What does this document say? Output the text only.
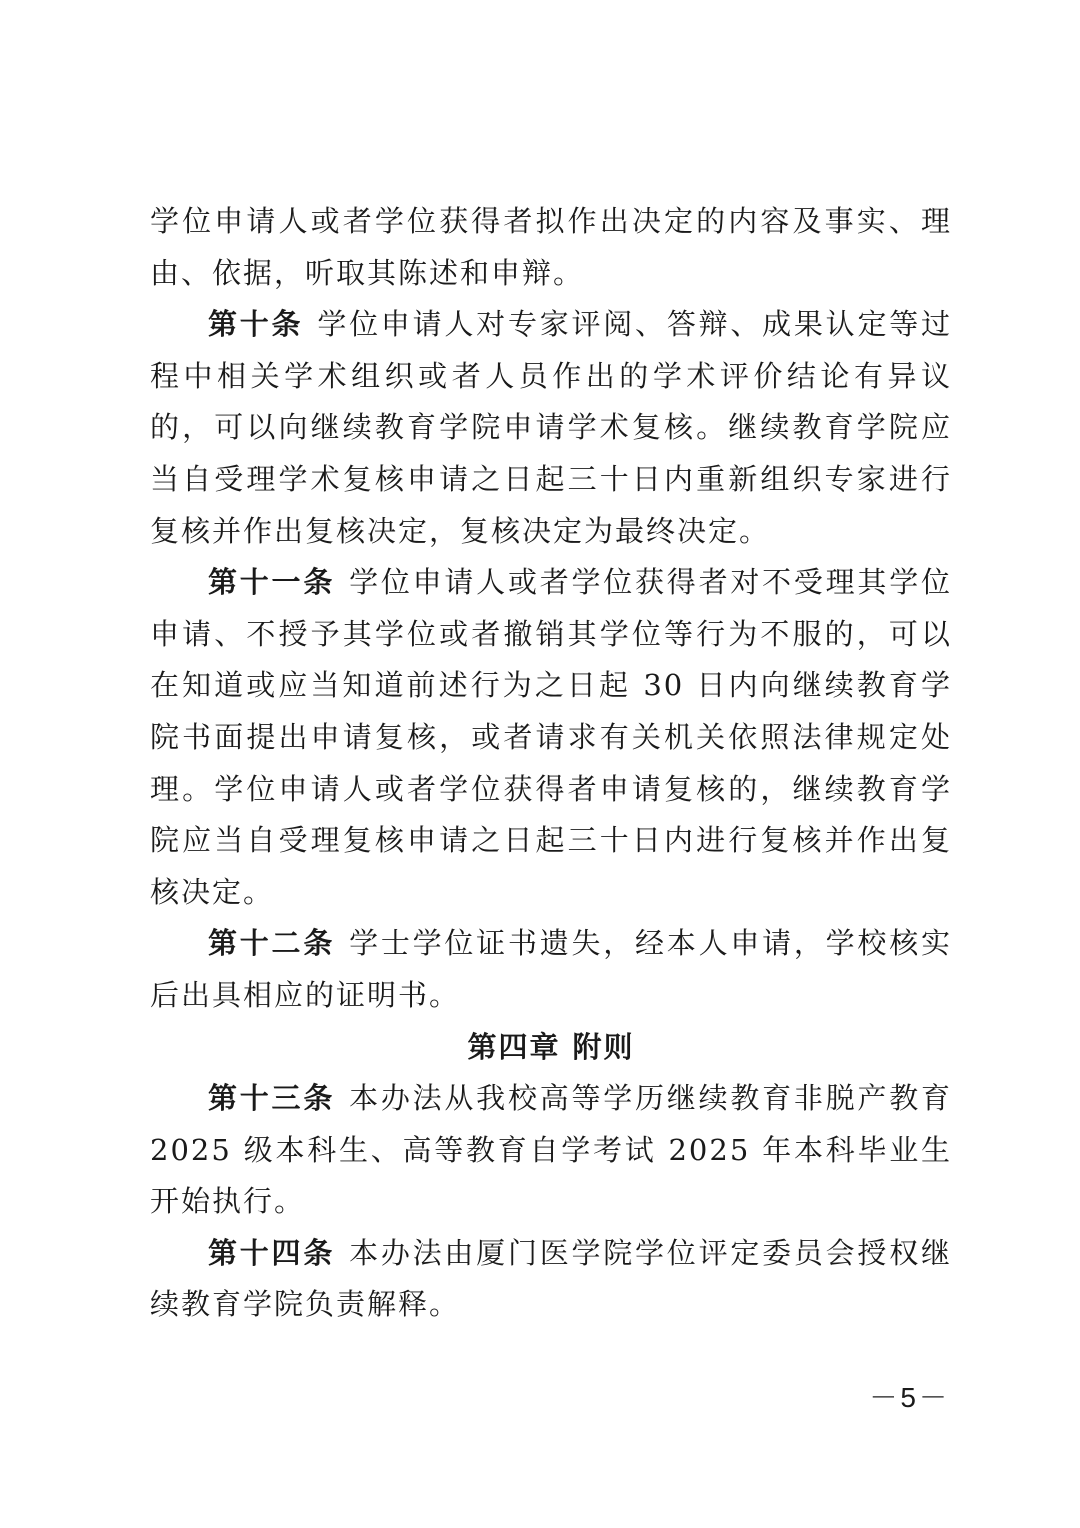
学位申请人或者学位获得者拟作出决定的内容及事实、理由、依据，听取其陈述和申辩。

第十条 学位申请人对专家评阅、答辩、成果认定等过程中相关学术组织或者人员作出的学术评价结论有异议的，可以向继续教育学院申请学术复核。继续教育学院应当自受理学术复核申请之日起三十日内重新组织专家进行复核并作出复核决定，复核决定为最终决定。

第十一条 学位申请人或者学位获得者对不受理其学位申请、不授予其学位或者撤销其学位等行为不服的，可以在知道或应当知道前述行为之日起 30 日内向继续教育学院书面提出申请复核，或者请求有关机关依照法律规定处理。学位申请人或者学位获得者申请复核的，继续教育学院应当自受理复核申请之日起三十日内进行复核并作出复核决定。

第十二条 学士学位证书遗失，经本人申请，学校核实后出具相应的证明书。

第四章 附则

第十三条 本办法从我校高等学历继续教育非脱产教育 2025 级本科生、高等教育自学考试 2025 年本科毕业生开始执行。

第十四条 本办法由厦门医学院学位评定委员会授权继续教育学院负责解释。

－5－
